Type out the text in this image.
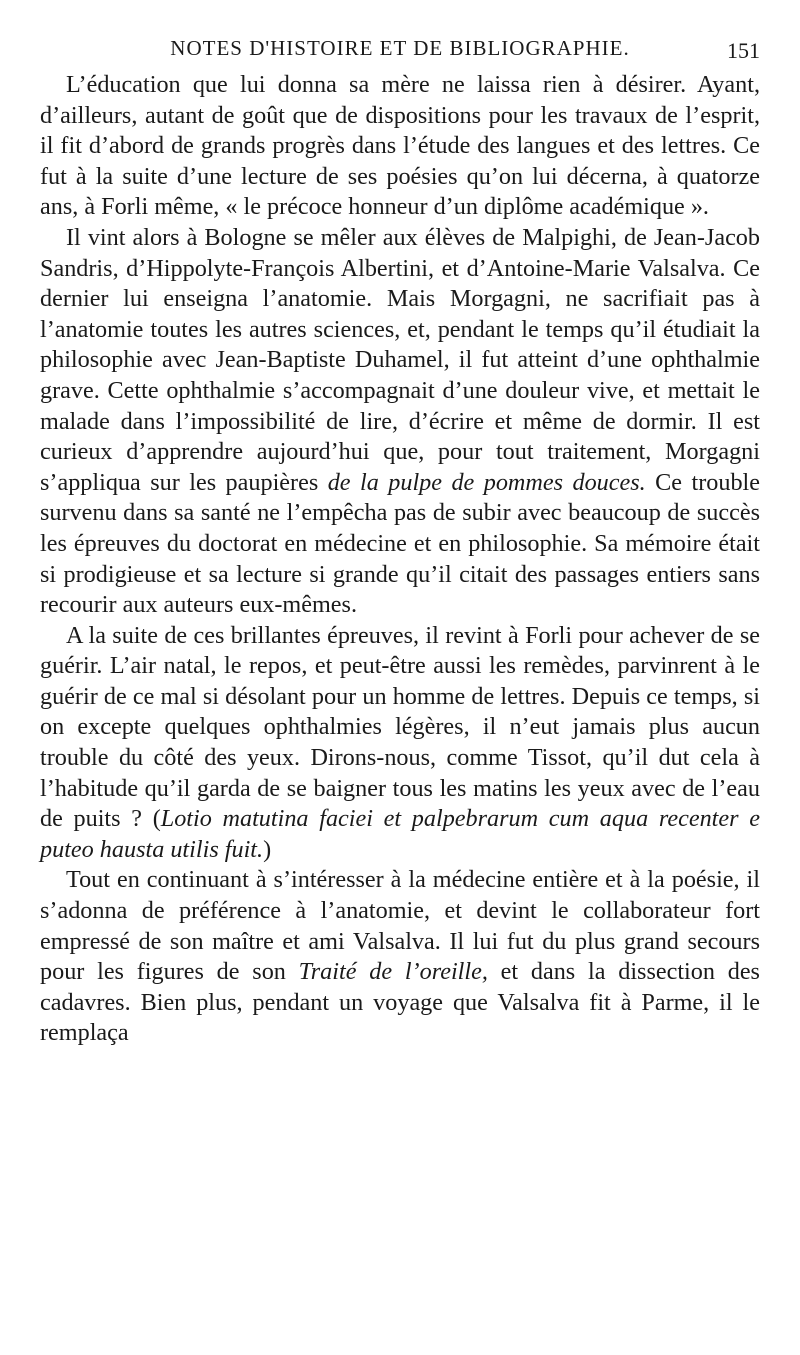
NOTES D'HISTOIRE ET DE BIBLIOGRAPHIE.	151

L’éducation que lui donna sa mère ne laissa rien à désirer. Ayant, d’ailleurs, autant de goût que de dispositions pour les travaux de l’esprit, il fit d’abord de grands progrès dans l’étude des langues et des lettres. Ce fut à la suite d’une lecture de ses poésies qu’on lui décerna, à quatorze ans, à Forli même, « le précoce honneur d’un diplôme académique ».

Il vint alors à Bologne se mêler aux élèves de Malpighi, de Jean-Jacob Sandris, d’Hippolyte-François Albertini, et d’Antoine-Marie Valsalva. Ce dernier lui enseigna l’anatomie. Mais Morgagni, ne sacrifiait pas à l’anatomie toutes les autres sciences, et, pendant le temps qu’il étudiait la philosophie avec Jean-Baptiste Duhamel, il fut atteint d’une ophthalmie grave. Cette ophthalmie s’accompagnait d’une douleur vive, et mettait le malade dans l’impossibilité de lire, d’écrire et même de dormir. Il est curieux d’apprendre aujourd’hui que, pour tout traitement, Morgagni s’appliqua sur les paupières de la pulpe de pommes douces. Ce trouble survenu dans sa santé ne l’empêcha pas de subir avec beaucoup de succès les épreuves du doctorat en médecine et en philosophie. Sa mémoire était si prodigieuse et sa lecture si grande qu’il citait des passages entiers sans recourir aux auteurs eux-mêmes.

A la suite de ces brillantes épreuves, il revint à Forli pour achever de se guérir. L’air natal, le repos, et peut-être aussi les remèdes, parvinrent à le guérir de ce mal si désolant pour un homme de lettres. Depuis ce temps, si on excepte quelques ophthalmies légères, il n’eut jamais plus aucun trouble du côté des yeux. Dirons-nous, comme Tissot, qu’il dut cela à l’habitude qu’il garda de se baigner tous les matins les yeux avec de l’eau de puits ? (Lotio matutina faciei et palpebrarum cum aqua recenter e puteo hausta utilis fuit.)

Tout en continuant à s’intéresser à la médecine entière et à la poésie, il s’adonna de préférence à l’anatomie, et devint le collaborateur fort empressé de son maître et ami Valsalva. Il lui fut du plus grand secours pour les figures de son Traité de l’oreille, et dans la dissection des cadavres. Bien plus, pendant un voyage que Valsalva fit à Parme, il le remplaça
